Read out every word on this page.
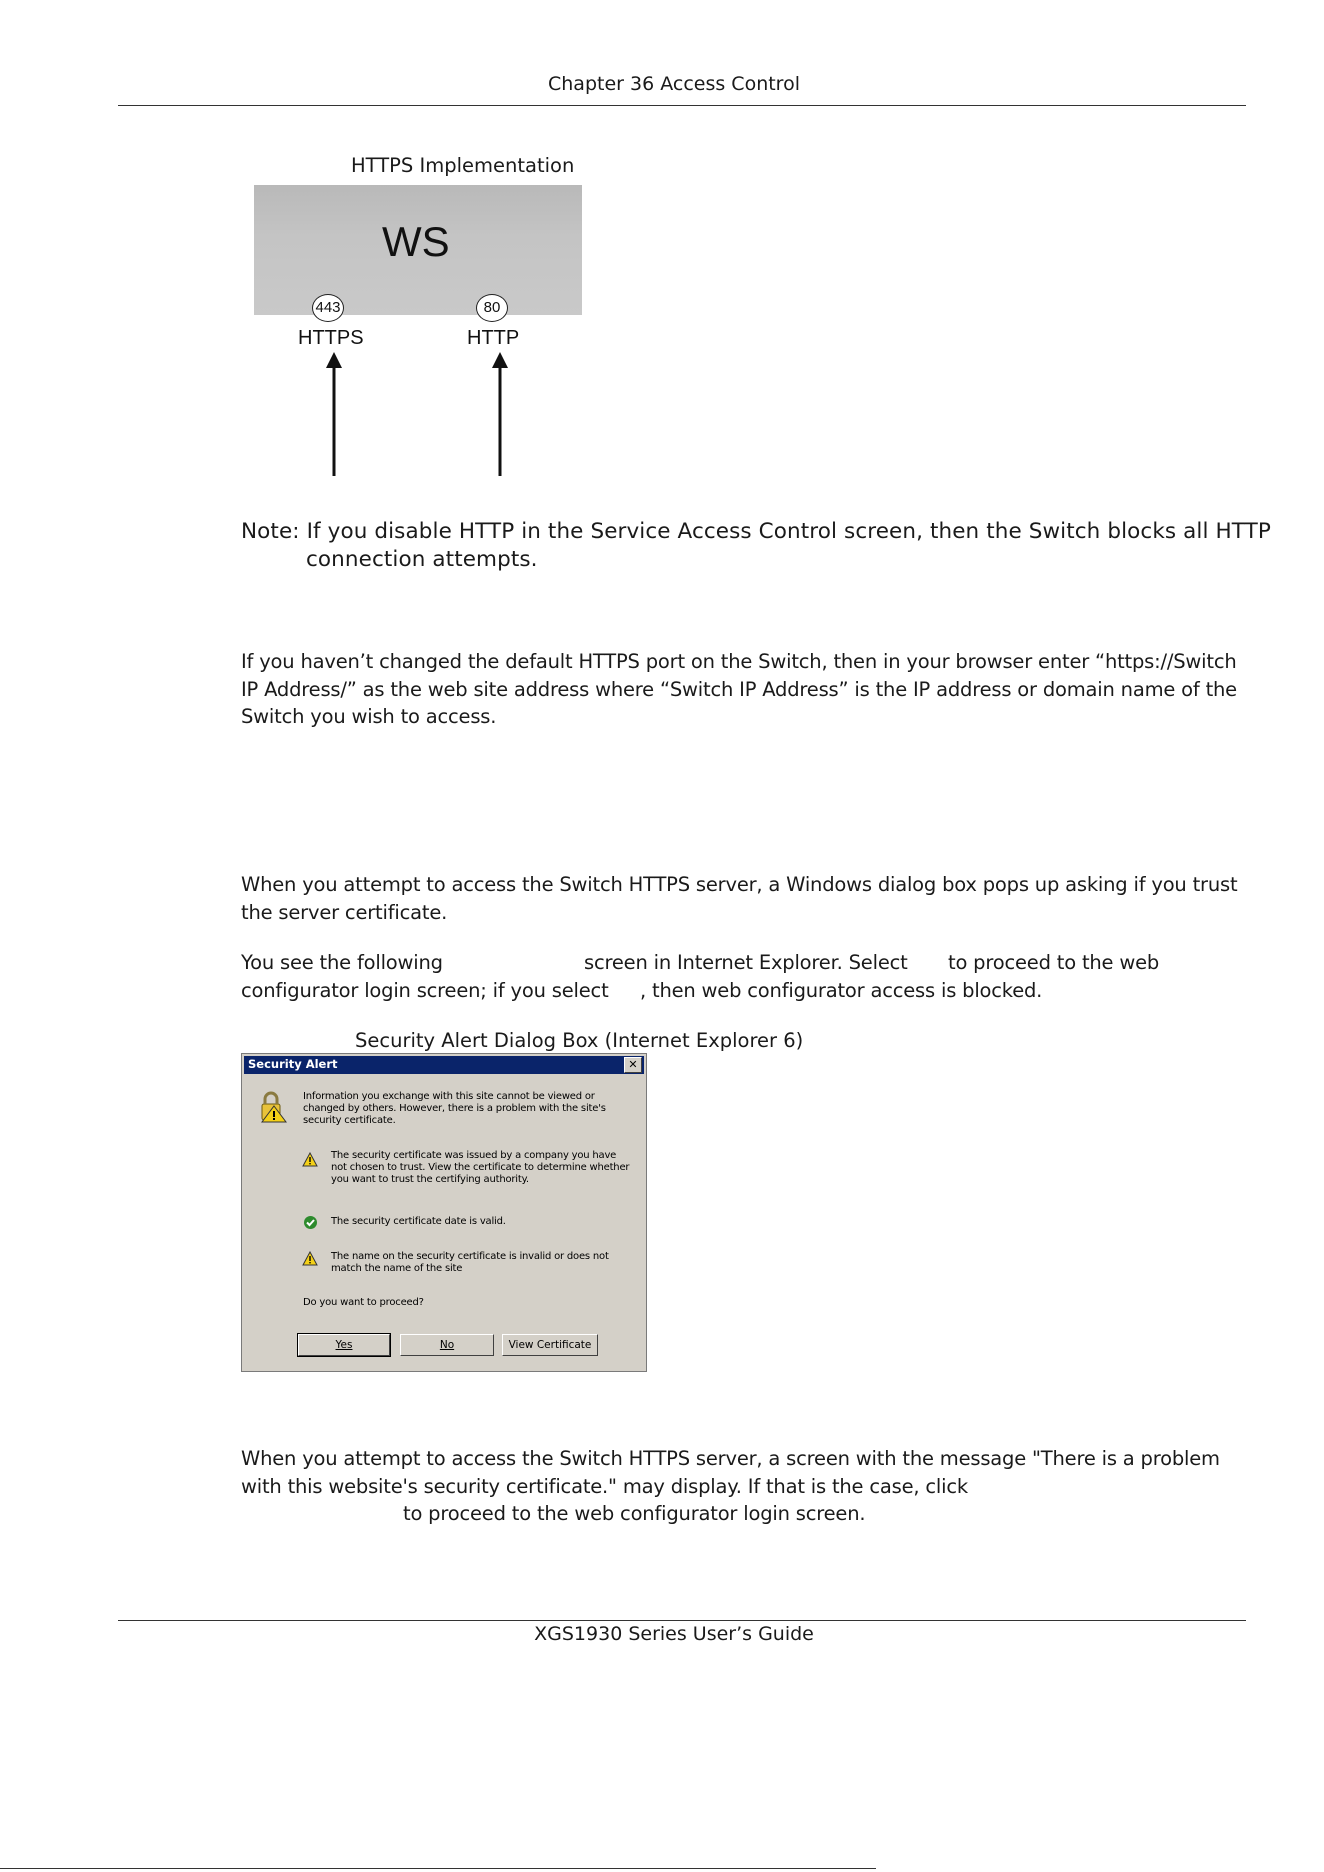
Chapter 36 Access Control
HTTPS Implementation
WS
443	80
HTTPS	HTTP
Note: If you disable HTTP in the Service Access Control screen, then the Switch blocks all HTTP
connection attempts.
If you haven’t changed the default HTTPS port on the Switch, then in your browser enter “https://Switch
IP Address/” as the web site address where “Switch IP Address” is the IP address or domain name of the
Switch you wish to access.
When you attempt to access the Switch HTTPS server, a Windows dialog box pops up asking if you trust
the server certificate.
You see the following	screen in Internet Explorer. Select to proceed to the web
configurator login screen; if you select , then web configurator access is blocked.
Security Alert Dialog Box (Internet Explorer 6)
Security Alert	✕
Information you exchange with this site cannot be viewed or
changed by others. However, there is a problem with the site's
security certificate.
The security certificate was issued by a company you have
not chosen to trust. View the certificate to determine whether
you want to trust the certifying authority.
The security certificate date is valid.
The name on the security certificate is invalid or does not
match the name of the site
Do you want to proceed?
Yes	No	View Certificate
When you attempt to access the Switch HTTPS server, a screen with the message "There is a problem
with this website's security certificate." may display. If that is the case, click
to proceed to the web configurator login screen.
XGS1930 Series User’s Guide
